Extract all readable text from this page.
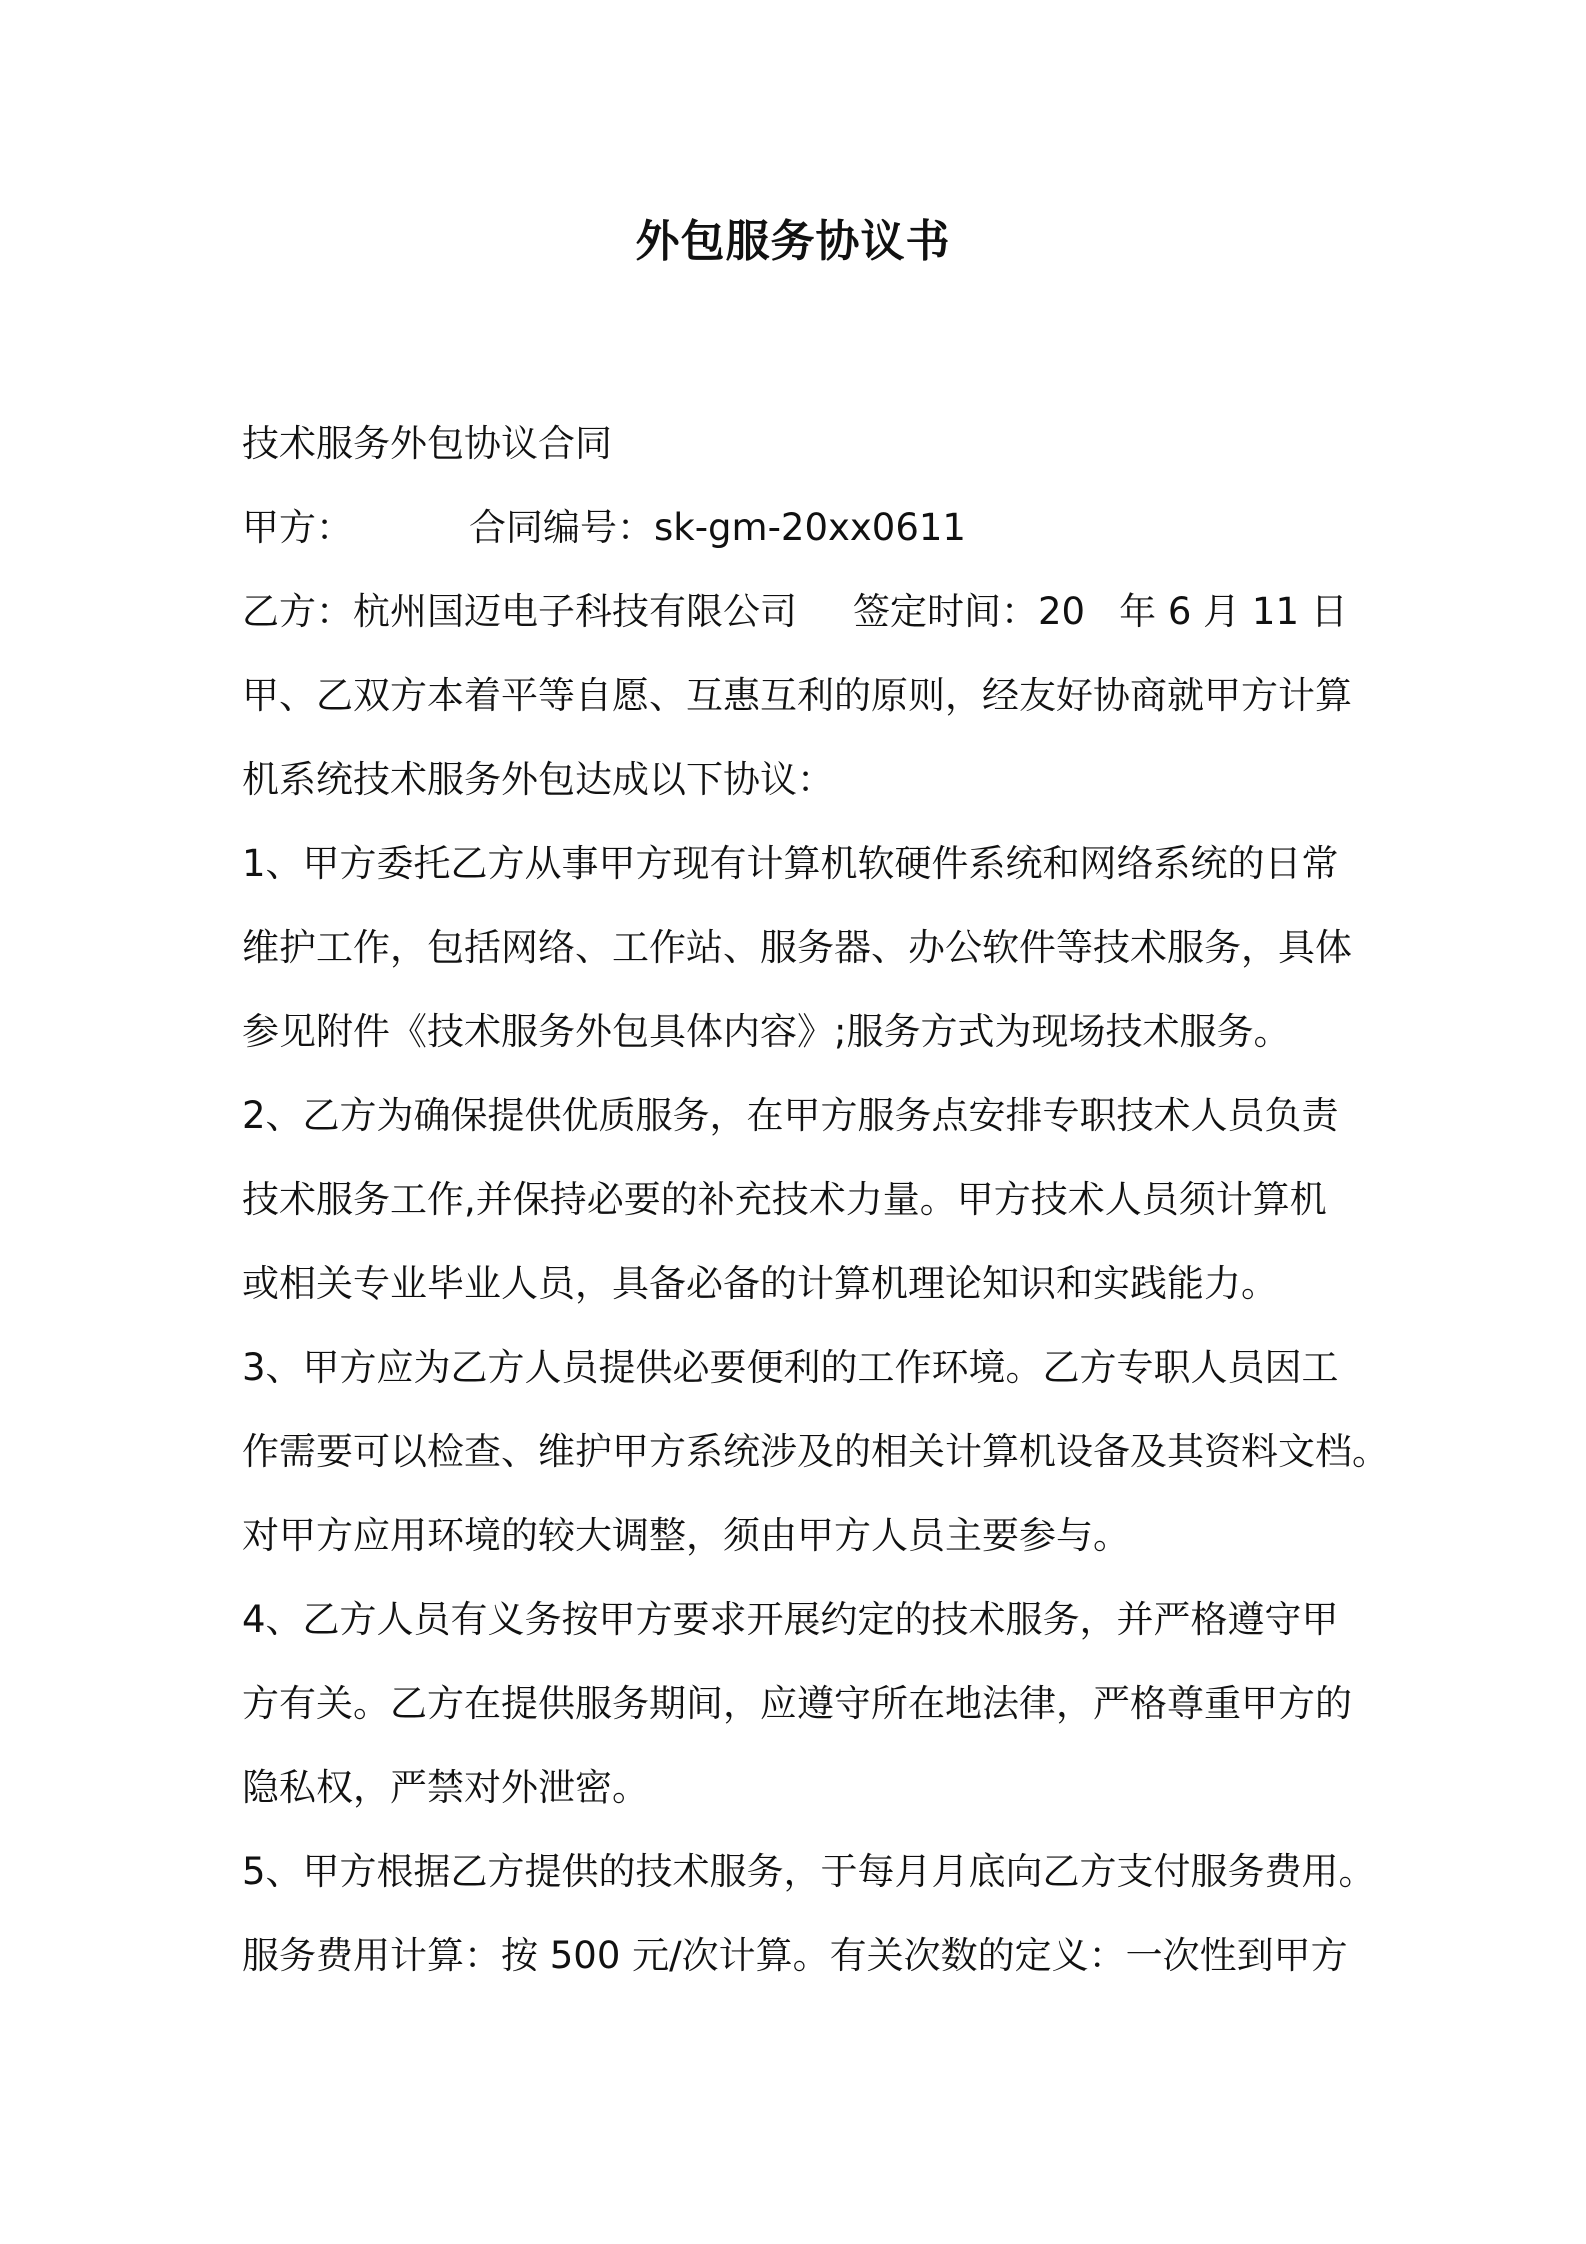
外包服务协议书
技术服务外包协议合同
甲方：	合同编号：sk-gm-20xx0611
乙方：杭州国迈电子科技有限公司 签定时间：20 年 6 月 11 日
甲、乙双方本着平等自愿、互惠互利的原则，经友好协商就甲方计算
机系统技术服务外包达成以下协议：
1、甲方委托乙方从事甲方现有计算机软硬件系统和网络系统的日常
维护工作，包括网络、工作站、服务器、办公软件等技术服务，具体
参见附件《技术服务外包具体内容》;服务方式为现场技术服务。
2、乙方为确保提供优质服务，在甲方服务点安排专职技术人员负责
技术服务工作,并保持必要的补充技术力量。甲方技术人员须计算机
或相关专业毕业人员，具备必备的计算机理论知识和实践能力。
3、甲方应为乙方人员提供必要便利的工作环境。乙方专职人员因工
作需要可以检查、维护甲方系统涉及的相关计算机设备及其资料文档。
对甲方应用环境的较大调整，须由甲方人员主要参与。
4、乙方人员有义务按甲方要求开展约定的技术服务，并严格遵守甲
方有关。乙方在提供服务期间，应遵守所在地法律，严格尊重甲方的
隐私权，严禁对外泄密。
5、甲方根据乙方提供的技术服务，于每月月底向乙方支付服务费用。
服务费用计算：按 500 元/次计算。有关次数的定义：一次性到甲方
